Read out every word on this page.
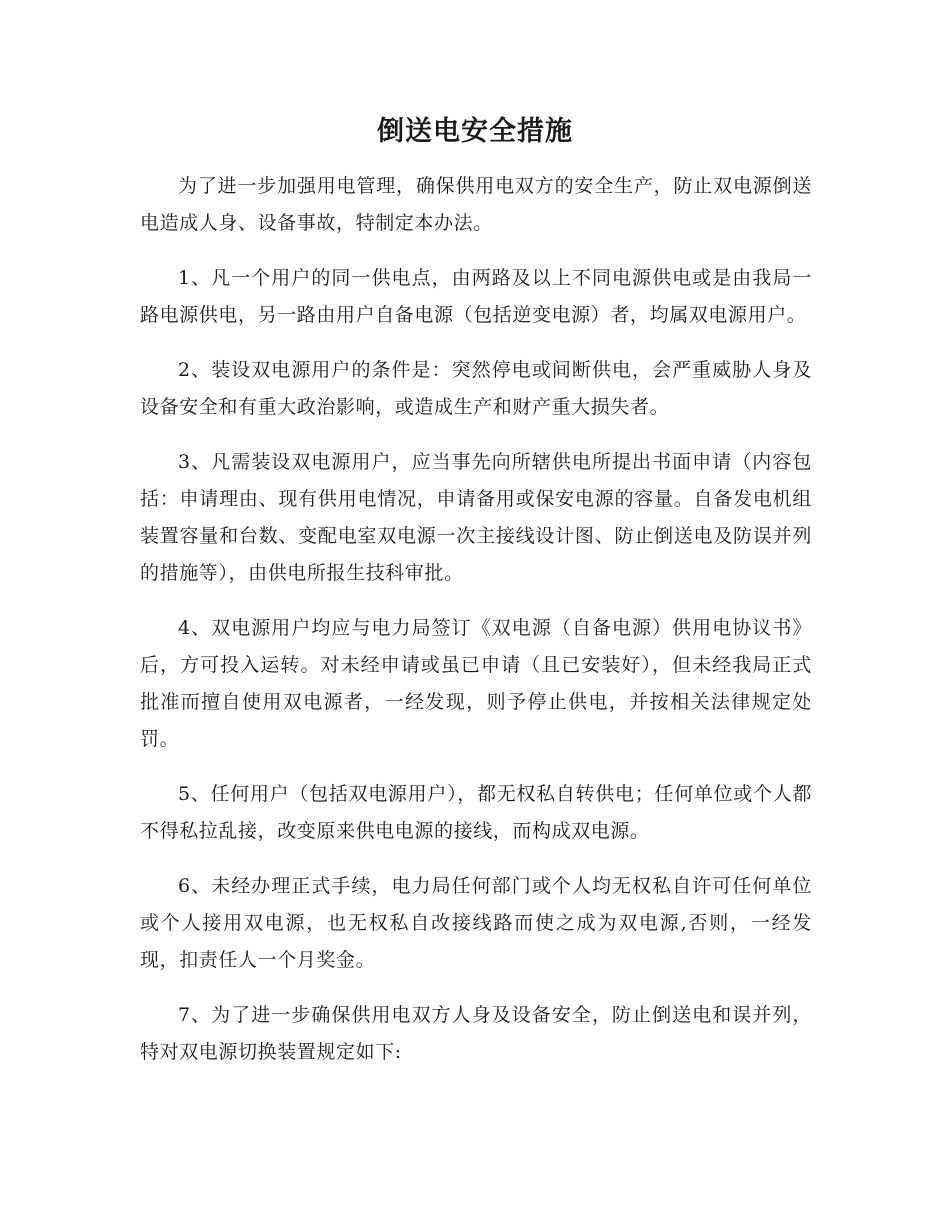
倒送电安全措施

为了进一步加强用电管理，确保供用电双方的安全生产，防止双电源倒送电造成人身、设备事故，特制定本办法。

1、凡一个用户的同一供电点，由两路及以上不同电源供电或是由我局一路电源供电，另一路由用户自备电源（包括逆变电源）者，均属双电源用户。

2、装设双电源用户的条件是：突然停电或间断供电，会严重威胁人身及设备安全和有重大政治影响，或造成生产和财产重大损失者。

3、凡需装设双电源用户，应当事先向所辖供电所提出书面申请（内容包括：申请理由、现有供用电情况，申请备用或保安电源的容量。自备发电机组装置容量和台数、变配电室双电源一次主接线设计图、防止倒送电及防误并列的措施等），由供电所报生技科审批。

4、双电源用户均应与电力局签订《双电源（自备电源）供用电协议书》后，方可投入运转。对未经申请或虽已申请（且已安装好），但未经我局正式批准而擅自使用双电源者，一经发现，则予停止供电，并按相关法律规定处罚。

5、任何用户（包括双电源用户），都无权私自转供电；任何单位或个人都不得私拉乱接，改变原来供电电源的接线，而构成双电源。

6、未经办理正式手续，电力局任何部门或个人均无权私自许可任何单位或个人接用双电源，也无权私自改接线路而使之成为双电源,否则，一经发现，扣责任人一个月奖金。

7、为了进一步确保供用电双方人身及设备安全，防止倒送电和误并列，特对双电源切换装置规定如下:
